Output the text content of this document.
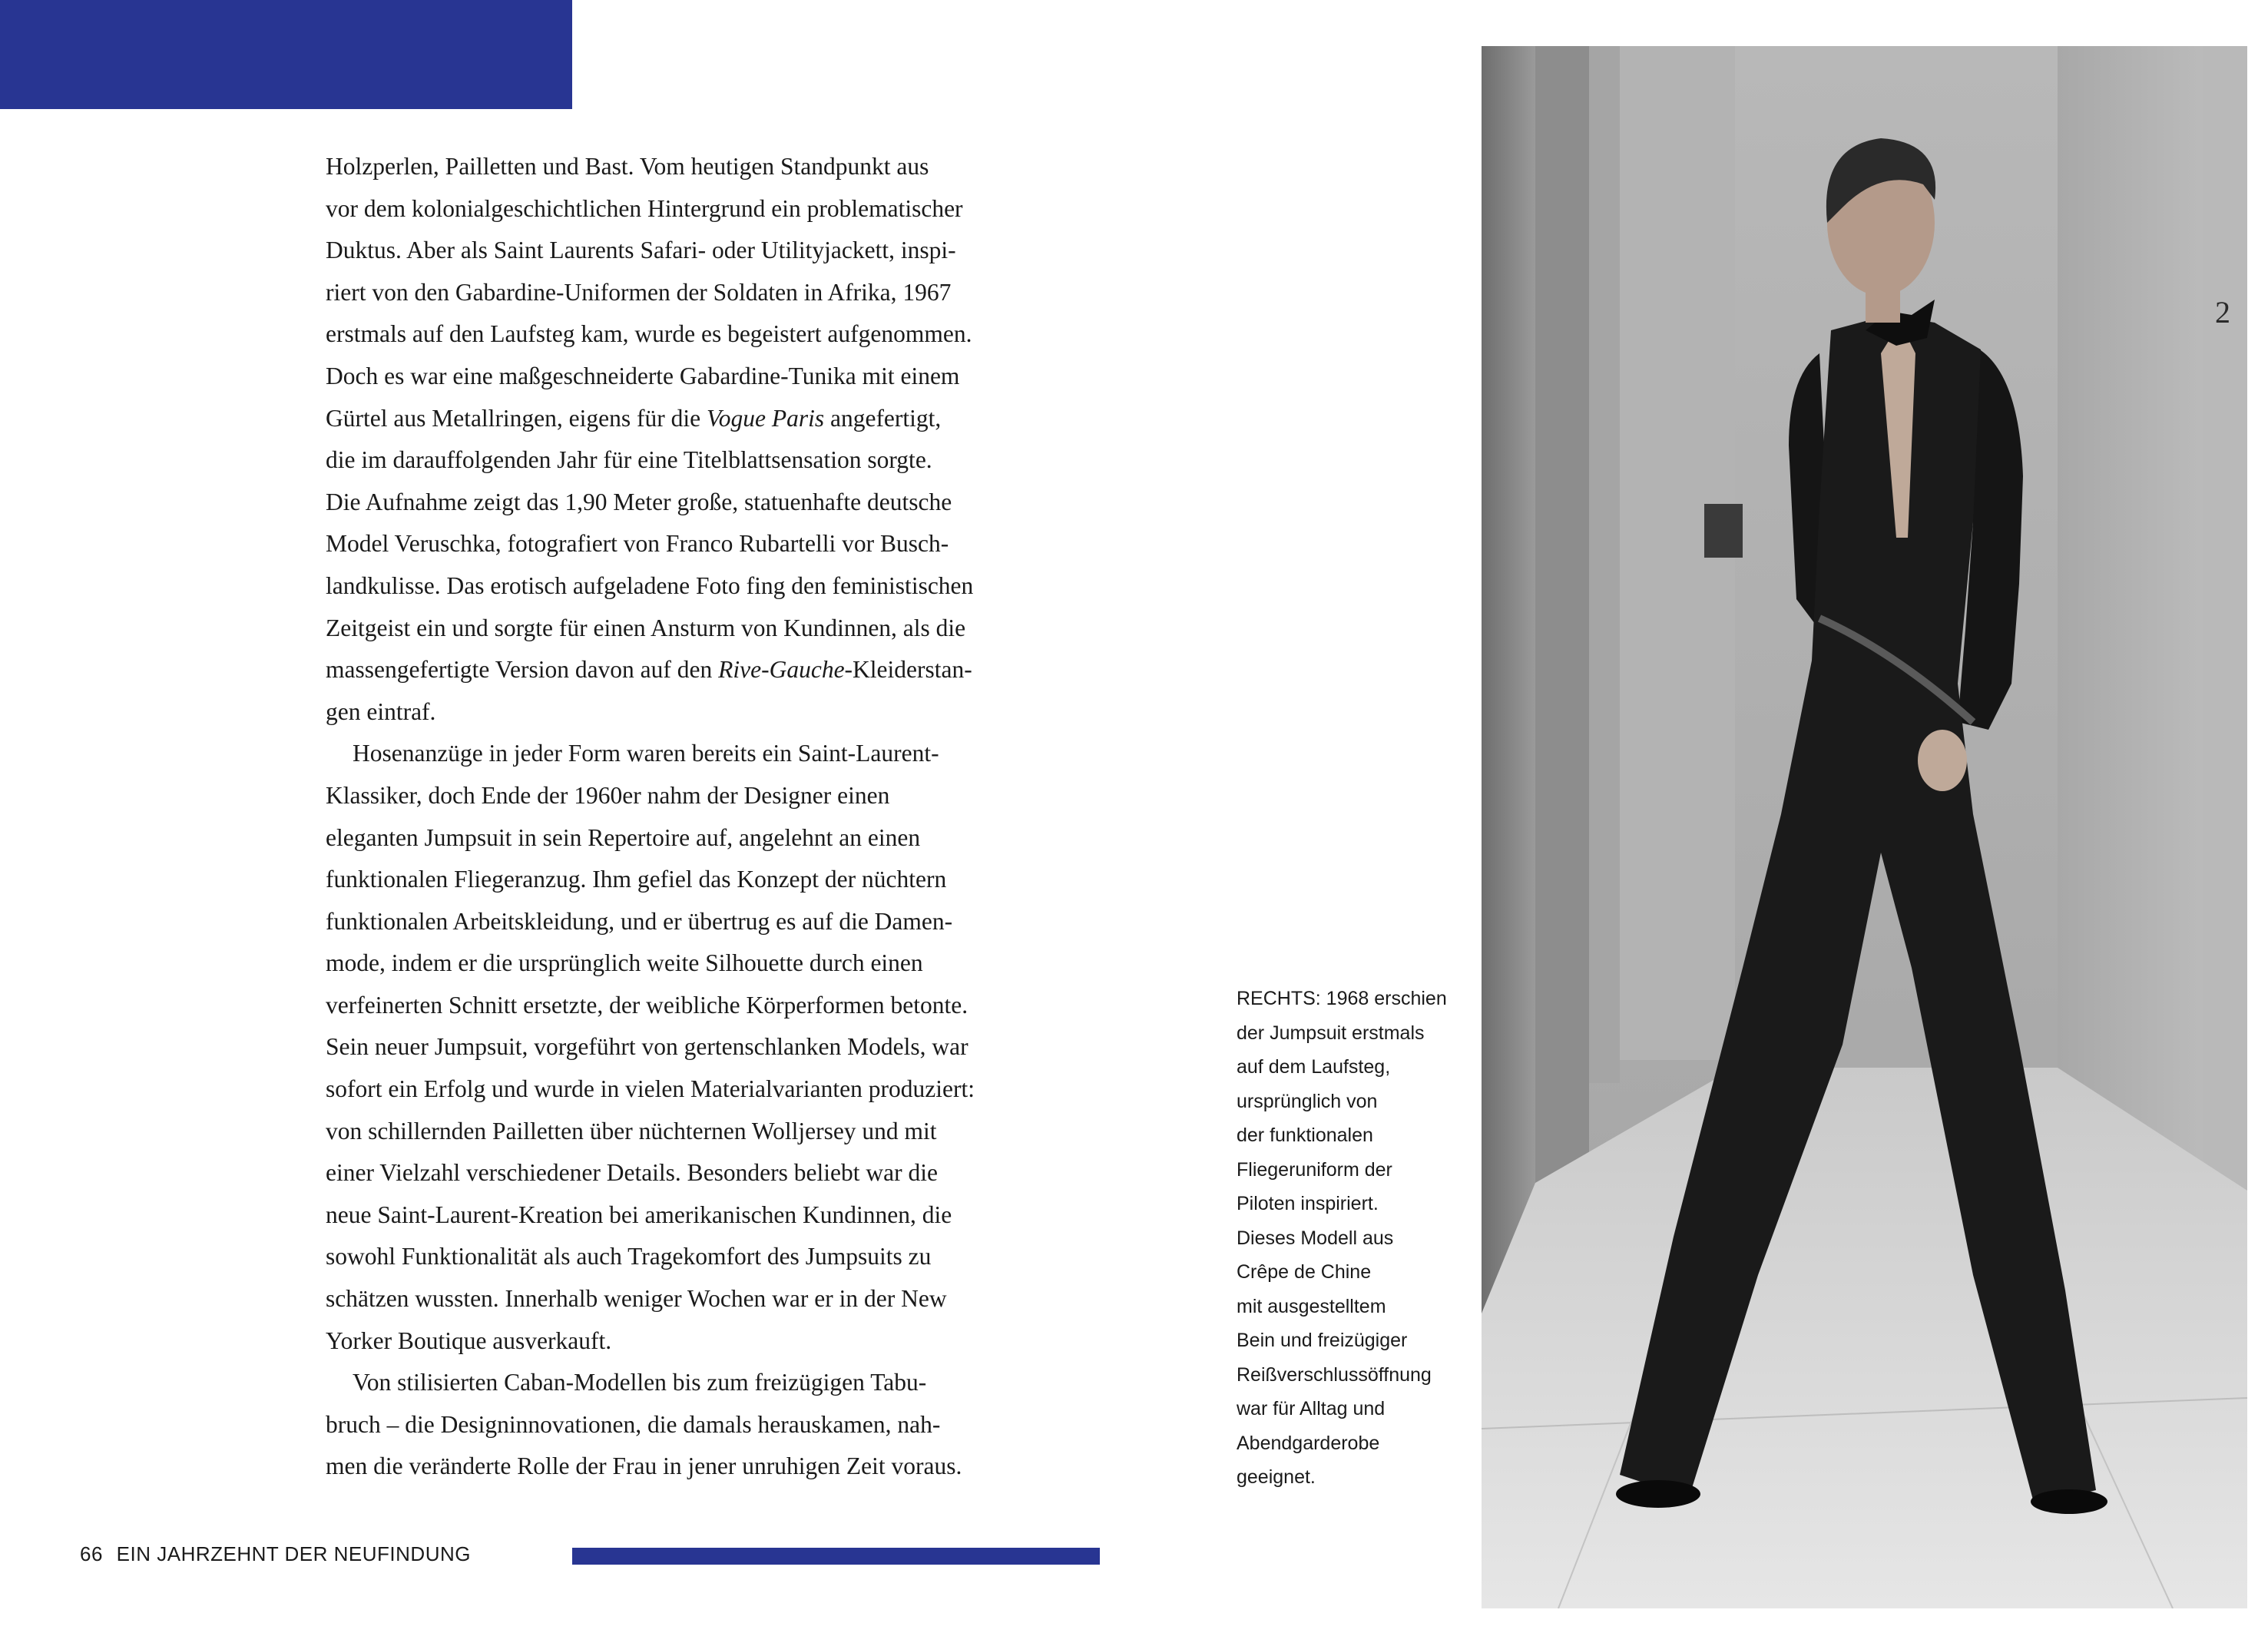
Holzperlen, Pailletten und Bast. Vom heutigen Standpunkt aus
vor dem kolonialgeschichtlichen Hintergrund ein problematischer
Duktus. Aber als Saint Laurents Safari- oder Utilityjackett, inspi-
riert von den Gabardine-Uniformen der Soldaten in Afrika, 1967
erstmals auf den Laufsteg kam, wurde es begeistert aufgenommen.
Doch es war eine maßgeschneiderte Gabardine-Tunika mit einem
Gürtel aus Metallringen, eigens für die Vogue Paris angefertigt,
die im darauffolgenden Jahr für eine Titelblattsensation sorgte.
Die Aufnahme zeigt das 1,90 Meter große, statuenhafte deutsche
Model Veruschka, fotografiert von Franco Rubartelli vor Busch-
landkulisse. Das erotisch aufgeladene Foto fing den feministischen
Zeitgeist ein und sorgte für einen Ansturm von Kundinnen, als die
massengefertigte Version davon auf den Rive-Gauche-Kleiderstan-
gen eintraf.
Hosenanzüge in jeder Form waren bereits ein Saint-Laurent-
Klassiker, doch Ende der 1960er nahm der Designer einen
eleganten Jumpsuit in sein Repertoire auf, angelehnt an einen
funktionalen Fliegeranzug. Ihm gefiel das Konzept der nüchtern
funktionalen Arbeitskleidung, und er übertrug es auf die Damen-
mode, indem er die ursprünglich weite Silhouette durch einen
verfeinerten Schnitt ersetzte, der weibliche Körperformen betonte.
Sein neuer Jumpsuit, vorgeführt von gertenschlanken Models, war
sofort ein Erfolg und wurde in vielen Materialvarianten produziert:
von schillernden Pailletten über nüchternen Wolljersey und mit
einer Vielzahl verschiedener Details. Besonders beliebt war die
neue Saint-Laurent-Kreation bei amerikanischen Kundinnen, die
sowohl Funktionalität als auch Tragekomfort des Jumpsuits zu
schätzen wussten. Innerhalb weniger Wochen war er in der New
Yorker Boutique ausverkauft.
Von stilisierten Caban-Modellen bis zum freizügigen Tabu-
bruch – die Designinnovationen, die damals herauskamen, nah-
men die veränderte Rolle der Frau in jener unruhigen Zeit voraus.
RECHTS: 1968 erschien
der Jumpsuit erstmals
auf dem Laufsteg,
ursprünglich von
der funktionalen
Fliegeruniform der
Piloten inspiriert.
Dieses Modell aus
Crêpe de Chine
mit ausgestelltem
Bein und freizügiger
Reißverschlussöffnung
war für Alltag und
Abendgarderobe
geeignet.
2
66 EIN JAHRZEHNT DER NEUFINDUNG
